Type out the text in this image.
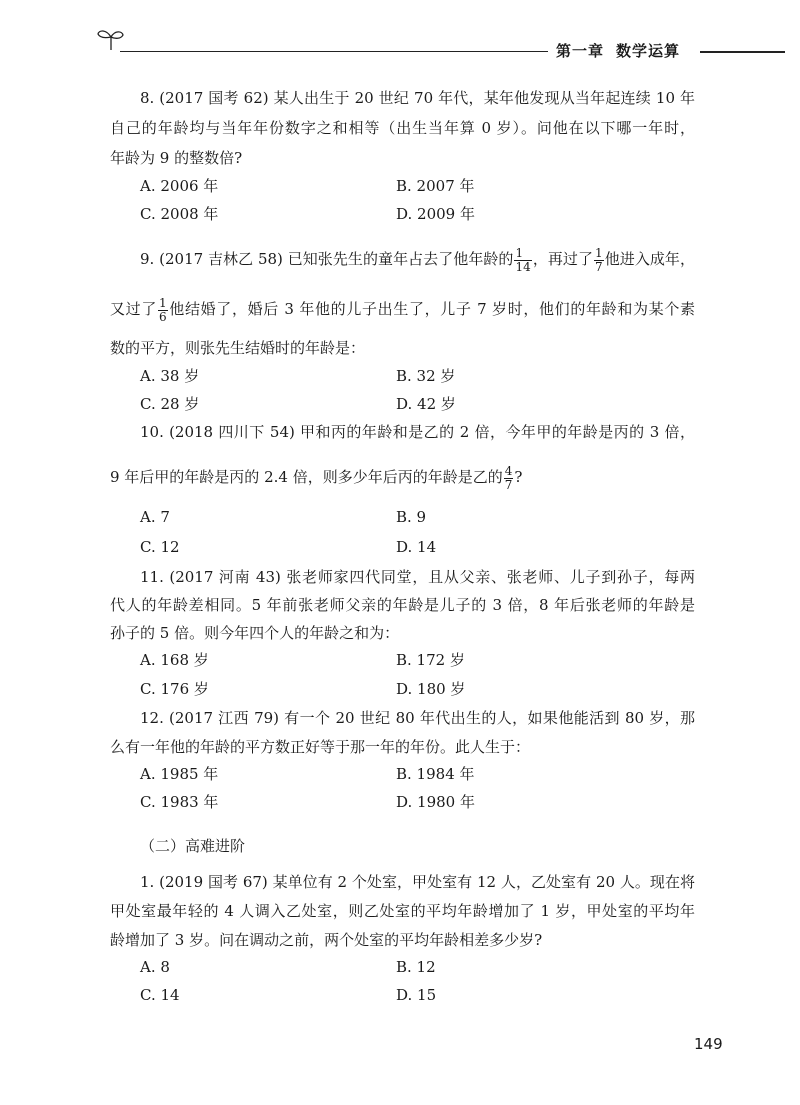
第一章 数学运算
8. (2017 国考 62) 某人出生于 20 世纪 70 年代，某年他发现从当年起连续 10 年
自己的年龄均与当年年份数字之和相等（出生当年算 0 岁）。问他在以下哪一年时，
年龄为 9 的整数倍?
A. 2006 年	B. 2007 年
C. 2008 年	D. 2009 年
9. (2017 吉林乙 58) 已知张先生的童年占去了他年龄的 $\frac{1}{14}$ ，再过了 $\frac{1}{7}$ 他进入成年，
又过了 $\frac{1}{6}$ 他结婚了，婚后 3 年他的儿子出生了，儿子 7 岁时，他们的年龄和为某个素
数的平方，则张先生结婚时的年龄是：
A. 38 岁	B. 32 岁
C. 28 岁	D. 42 岁
10. (2018 四川下 54) 甲和丙的年龄和是乙的 2 倍，今年甲的年龄是丙的 3 倍，
9 年后甲的年龄是丙的 2.4 倍，则多少年后丙的年龄是乙的 $\frac{4}{7}$ ?
A. 7	B. 9
C. 12	D. 14
11. (2017 河南 43) 张老师家四代同堂，且从父亲、张老师、儿子到孙子，每两
代人的年龄差相同。5 年前张老师父亲的年龄是儿子的 3 倍，8 年后张老师的年龄是
孙子的 5 倍。则今年四个人的年龄之和为：
A. 168 岁	B. 172 岁
C. 176 岁	D. 180 岁
12. (2017 江西 79) 有一个 20 世纪 80 年代出生的人，如果他能活到 80 岁，那
么有一年他的年龄的平方数正好等于那一年的年份。此人生于：
A. 1985 年	B. 1984 年
C. 1983 年	D. 1980 年
（二）高难进阶
1. (2019 国考 67) 某单位有 2 个处室，甲处室有 12 人，乙处室有 20 人。现在将
甲处室最年轻的 4 人调入乙处室，则乙处室的平均年龄增加了 1 岁，甲处室的平均年
龄增加了 3 岁。问在调动之前，两个处室的平均年龄相差多少岁?
A. 8	B. 12
C. 14	D. 15
149
